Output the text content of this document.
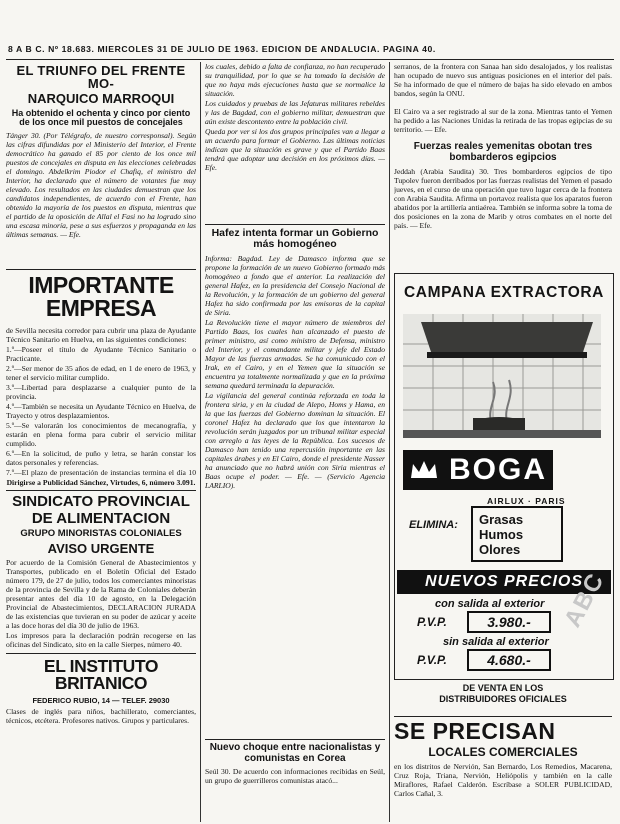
8 A B C. Nº 18.683. MIERCOLES 31 DE JULIO DE 1963. EDICION DE ANDALUCIA. PAGINA 40.
EL TRIUNFO DEL FRENTE MO-
NARQUICO MARROQUI
Ha obtenido el ochenta y cinco por ciento de los once mil puestos de concejales
Tánger 30. (Por Télégrafo, de nuestro corresponsal). Según las cifras difundidas por el Ministerio del Interior, el Frente democrático ha ganado el 85 por ciento de los once mil puestos de concejales en disputa en las elecciones celebradas el domingo. Abdelkrim Piodor el Chafiq, el ministro del Interior, ha declarado que el número de votantes fue muy elevado. Los resultados en las ciudades demuestran que los candidatos independientes, de acuerdo con el Frente, han obtenido la mayoría de los puestos en disputa, mientras que el partido de la oposición de Allal el Fasi no ha logrado sino una escasa minoría, pese a sus esfuerzos y propaganda en las últimas semanas. — Efe.
IMPORTANTE EMPRESA
de Sevilla necesita corredor para cubrir una plaza de Ayudante Técnico Sanitario en Huelva, en las siguientes condiciones:
1.º—Poseer el título de Ayudante Técnico Sanitario o Practicante.
2.º—Ser menor de 35 años de edad, en 1 de enero de 1963, y tener el servicio militar cumplido.
3.º—Libertad para desplazarse a cualquier punto de la provincia.
4.º—También se necesita un Ayudante Técnico en Huelva, de Trayecto y otros desplazamientos.
5.º—Se valorarán los conocimientos de mecanografía, y estarán en plena forma para cubrir el servicio militar cumplido.
6.º—En la solicitud, de puño y letra, se harán constar los datos personales y referencias.
7.º—El plazo de presentación de instancias termina el día 10
Dirigirse a Publicidad Sánchez, Virtudes, 6, número 3.091.
SINDICATO PROVINCIAL
DE ALIMENTACION
GRUPO MINORISTAS COLONIALES
AVISO URGENTE
Por acuerdo de la Comisión General de Abastecimientos y Transportes, publicado en el Boletín Oficial del Estado número 179, de 27 de julio, todos los comerciantes minoristas de la provincia de Sevilla y de la Rama de Coloniales deberán presentar antes del día 10 de agosto, en la Delegación Provincial de Abastecimientos, DECLARACION JURADA de las existencias que tuvieran en su poder de azúcar y aceite a las doce horas del día 30 de julio de 1963.
Los impresos para la declaración podrán recogerse en las oficinas del Sindicato, sito en la calle Sierpes, número 40.
EL INSTITUTO BRITANICO
FEDERICO RUBIO, 14 — TELEF. 29030
Clases de inglés para niños, bachillerato, comerciantes, técnicos, etcétera. Profesores nativos. Grupos y particulares.
los cuales, debido a falta de confianza, no han recuperado su tranquilidad, por lo que se ha tomado la decisión de que no haya más ejecuciones hasta que se normalice la situación.
Los cuidados y pruebas de las Jefaturas militares rebeldes y las de Bagdad, con el gobierno militar, demuestran que aún existe descontento entre la población civil.
Queda por ver si los dos grupos principales van a llegar a un acuerdo para formar el Gobierno. Las últimas noticias indican que la situación es grave y que el Partido Baas tendrá que adoptar una decisión en los próximos días. — Efe.
Hafez intenta formar un Gobierno más homogéneo
Informa: Bagdad. Ley de Damasco informa que se propone la formación de un nuevo Gobierno formado más homogéneo a fondo que el anterior. La realización del general Hafez, en la presidencia del Consejo Nacional de la Revolución, y la formación de un gobierno del general Hafez ha sido confirmada por las emisoras de la capital de Siria.
La Revolución tiene el mayor número de miembros del Partido Baas, los cuales han alcanzado el puesto de primer ministro, así como ministro de Defensa, ministro del Interior, y el comandante militar y jefe del Estado Mayor de las fuerzas armadas. Se ha comunicado con el Irak, en el Cairo, y en el Yemen que la situación se encuentra ya totalmente normalizada y que en la próxima semana quedará terminada la depuración.
La vigilancia del general continúa reforzada en toda la frontera siria, y en la ciudad de Alepo, Homs y Hama, en la que las fuerzas del Gobierno dominan la situación. El coronel Hafez ha declarado que los que intentaron la revolución serán juzgados por un tribunal militar especial con arreglo a las leyes de la República. Los sucesos de Damasco han tenido una repercusión importante en las capitales árabes y en El Cairo, donde el presidente Nasser ha anunciado que no habrá unión con Siria mientras el Baas ocupe el poder. — Efe. — (Servicio Agencia LARLIO).
Nuevo choque entre nacionalistas y comunistas en Corea
Seúl 30. De acuerdo con informaciones recibidas en Seúl, un grupo de guerrilleros comunistas atacó...
serranos, de la frontera con Sanaa han sido desalojados, y los realistas han ocupado de nuevo sus antiguas posiciones en el interior del país. Se ha informado de que el número de bajas ha sido elevado en ambos bandos, según la ONU.
El Cairo va a ser registrado al sur de la zona. Mientras tanto el Yemen ha pedido a las Naciones Unidas la retirada de las tropas egipcias de su territorio. — Efe.
Fuerzas reales yemenitas obotan tres bombarderos egipcios
Jeddah (Arabia Saudita) 30. Tres bombarderos egipcios de tipo Tupolev fueron derribados por las fuerzas realistas del Yemen el pasado jueves, en el curso de una operación que tuvo lugar cerca de la frontera con Arabia Saudita. Afirma un portavoz realista que los aparatos fueron abatidos por la artillería antiaérea. También se informa sobre la toma de dos posiciones en la zona de Marib y otros combates en el norte del país. — Efe.
CAMPANA EXTRACTORA
BOGA
AIRLUX · PARIS
ELIMINA: Grasas
Humos
Olores
NUEVOS PRECIOS
con salida al exterior
P.V.P.	3.980.-
sin salida al exterior
P.V.P.	4.680.-
DE VENTA EN LOS
DISTRIBUIDORES OFICIALES
SE PRECISAN
LOCALES COMERCIALES
en los distritos de Nervión, San Bernardo, Los Remedios, Macarena, Cruz Roja, Triana, Nervión, Heliópolis y también en la calle Miraflores, Rafael Calderón. Escríbase a SOLER PUBLICIDAD, Carlos Cañal, 3.
ABC
